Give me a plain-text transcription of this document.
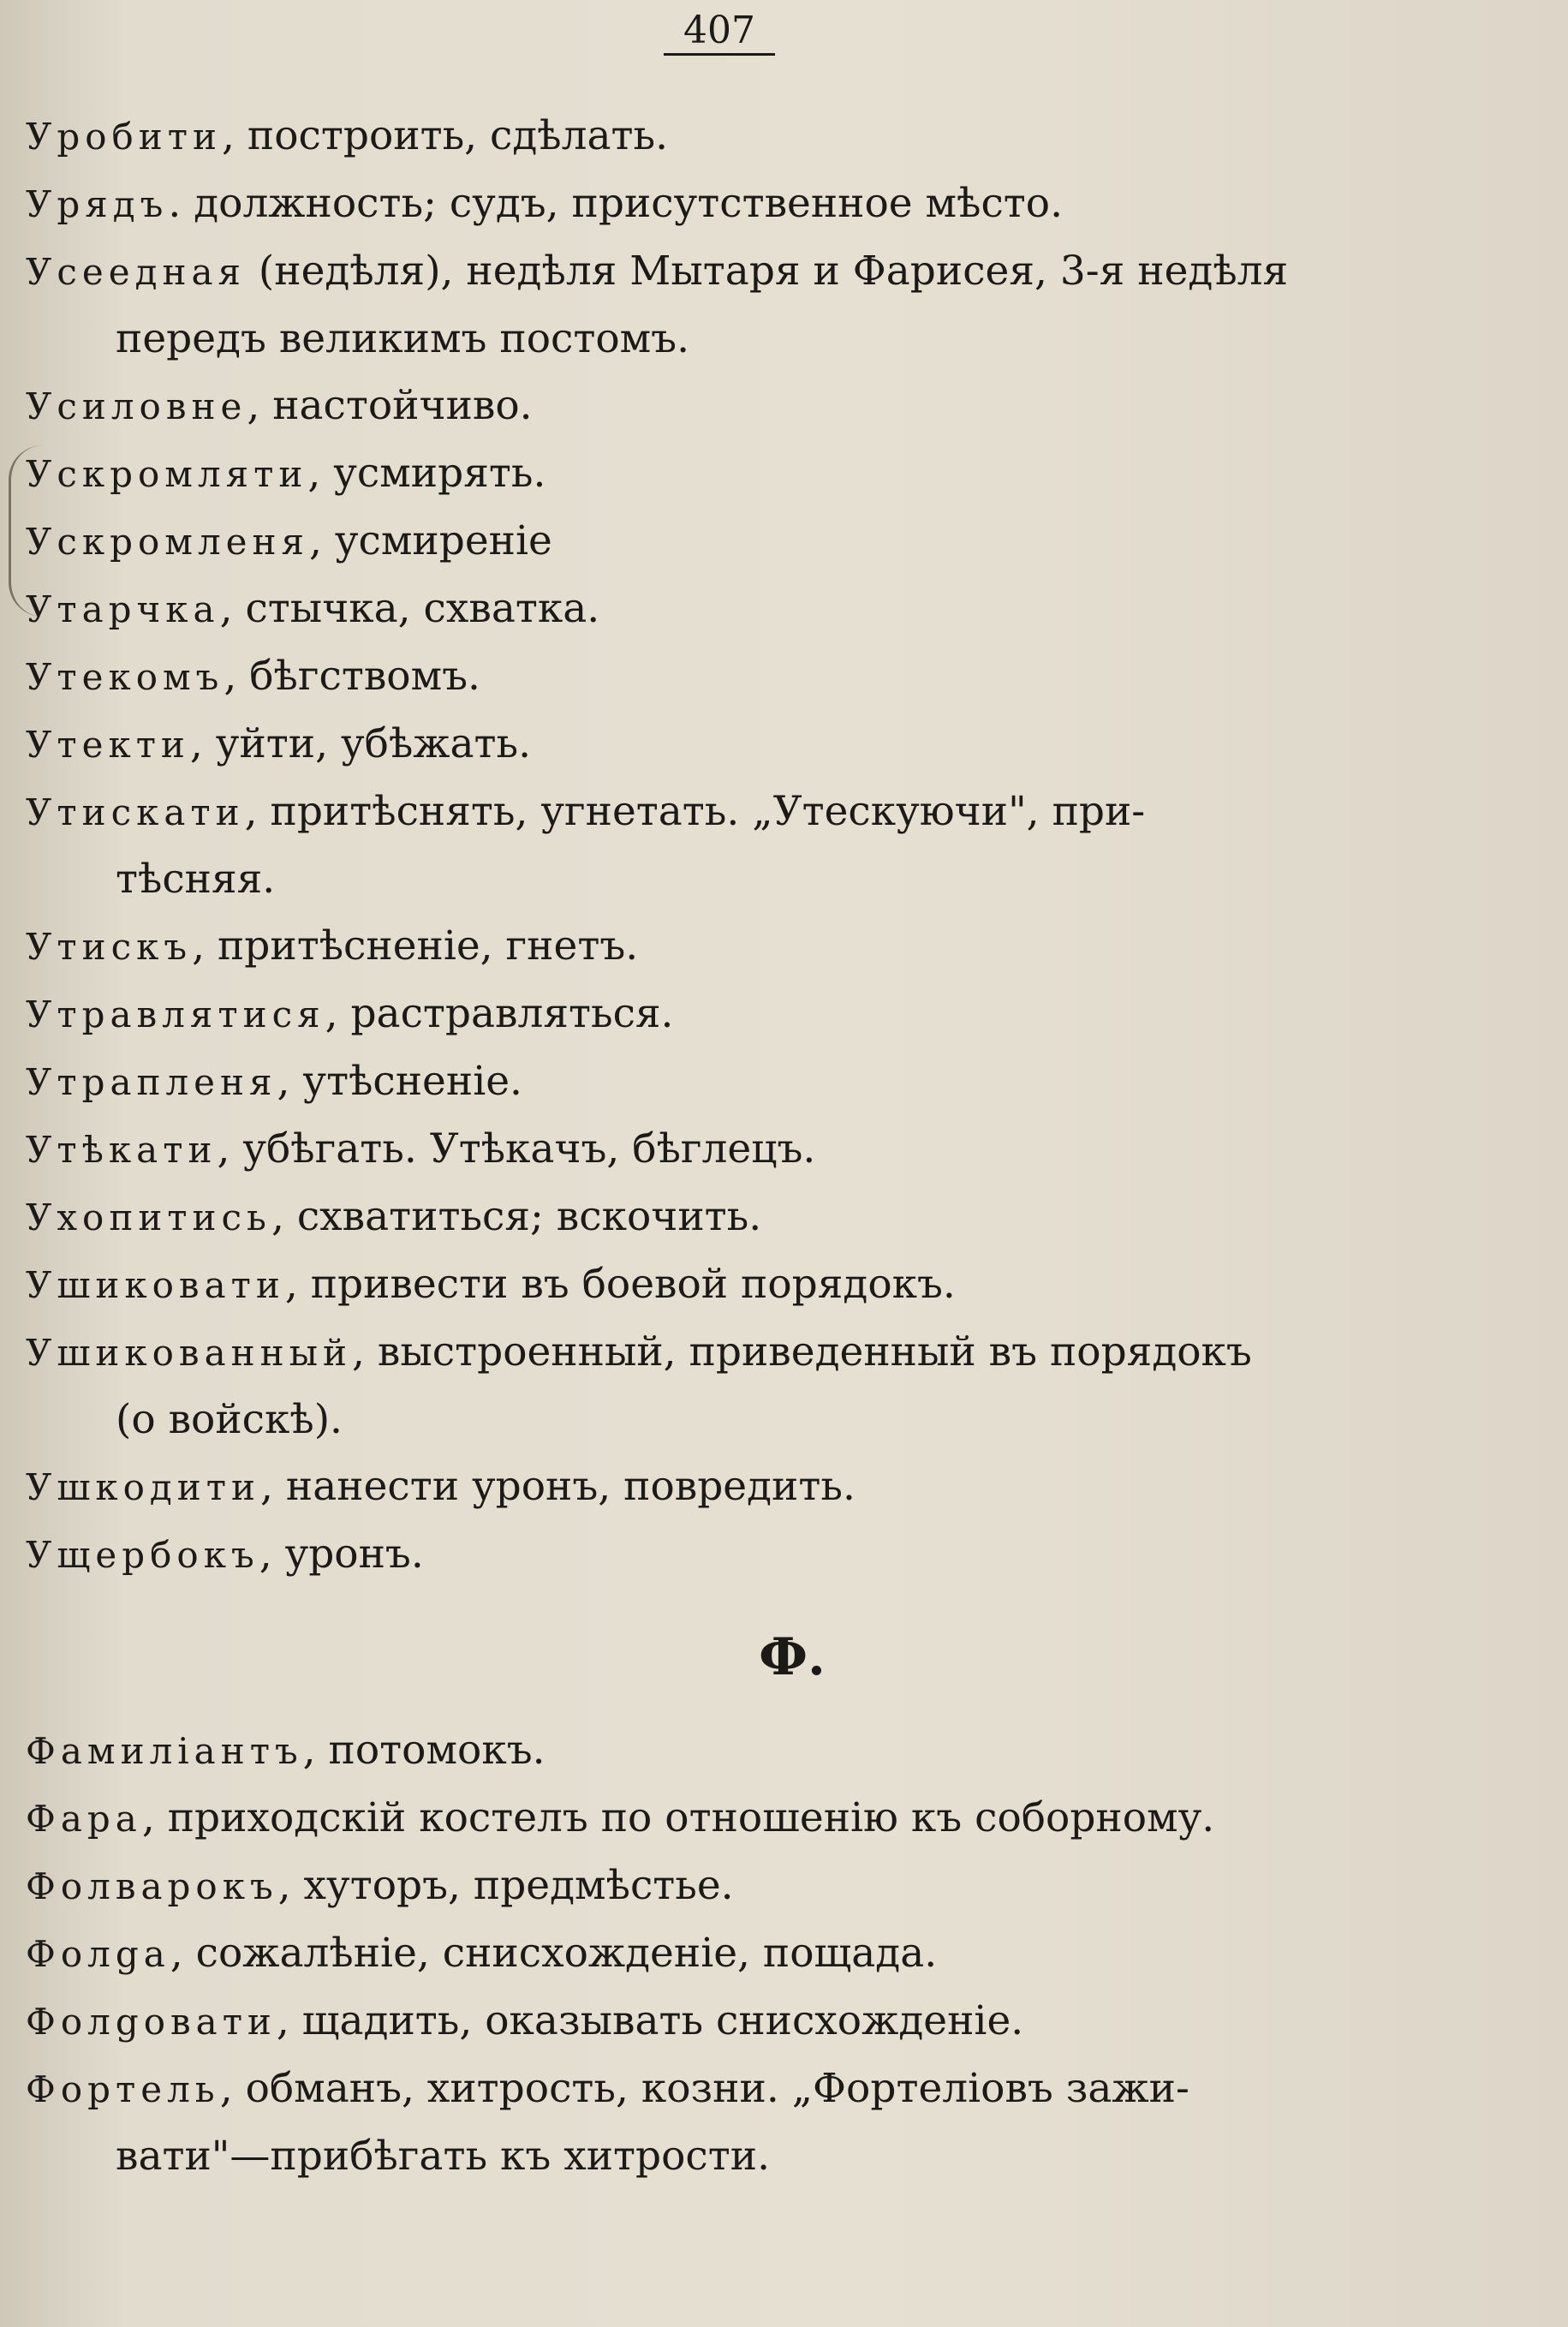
407
Уробити, построить, сдѣлать.
Урядъ. должность; судъ, присутственное мѣсто.
Усеедная (недѣля), недѣля Мытаря и Фарисея, 3-я недѣля
передъ великимъ постомъ.
Усиловне, настойчиво.
Ускромляти, усмирять.
Ускромленя, усмиреніе
Утарчка, стычка, схватка.
Утекомъ, бѣгствомъ.
Утекти, уйти, убѣжать.
Утискати, притѣснять, угнетать. „Утескуючи", при-
тѣсняя.
Утискъ, притѣсненіе, гнетъ.
Утравлятися, растравляться.
Утрапленя, утѣсненіе.
Утѣкати, убѣгать. Утѣкачъ, бѣглецъ.
Ухопитись, схватиться; вскочить.
Ушиковати, привести въ боевой порядокъ.
Ушикованный, выстроенный, приведенный въ порядокъ
(о войскѣ).
Ушкодити, нанести уронъ, повредить.
Ущербокъ, уронъ.
Ф.
Фамиліантъ, потомокъ.
Фара, приходскій костелъ по отношенію къ соборному.
Фолварокъ, хуторъ, предмѣстье.
Фолgа, сожалѣніе, снисхожденіе, пощада.
Фолgовати, щадить, оказывать снисхожденіе.
Фортель, обманъ, хитрость, козни. „Фортеліовъ зажи-
вати"—прибѣгать къ хитрости.
